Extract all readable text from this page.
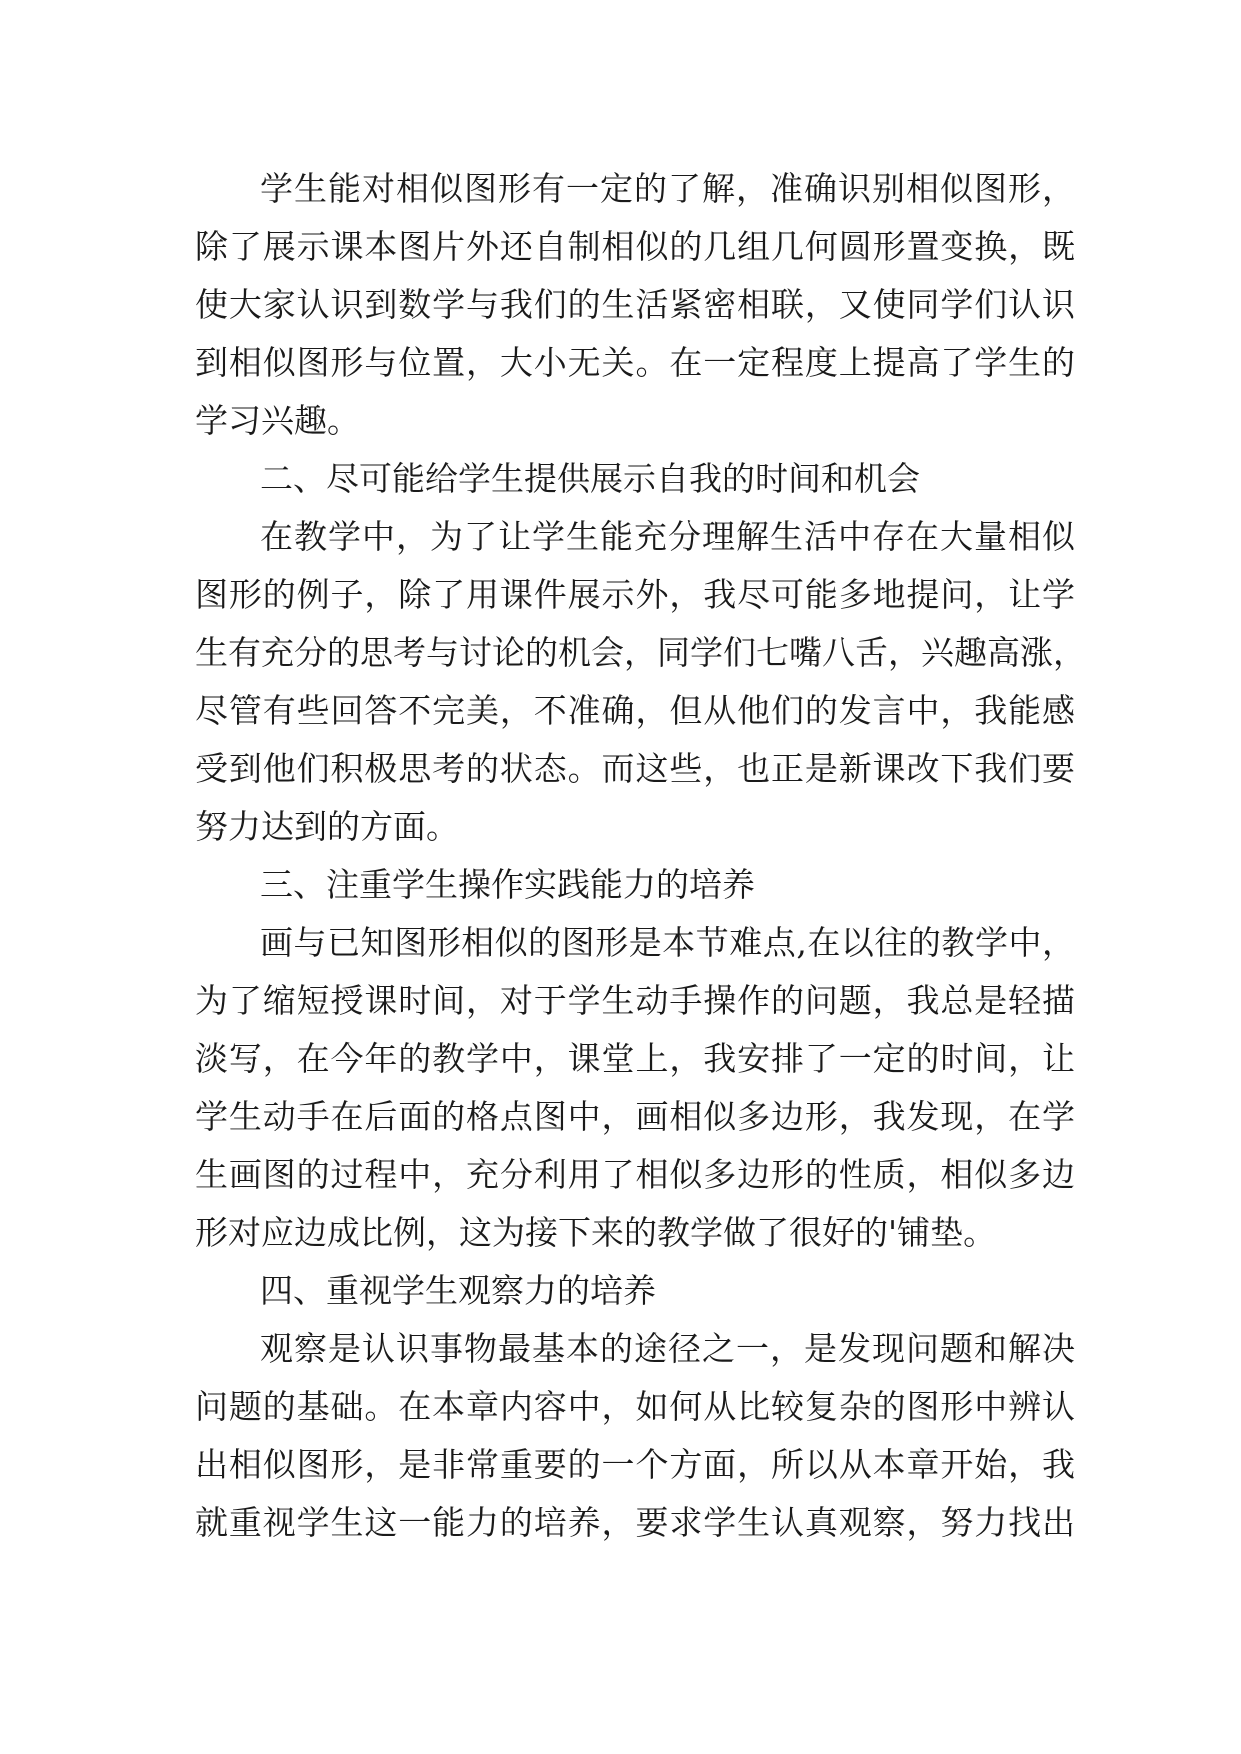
学生能对相似图形有一定的了解，准确识别相似图形，
除了展示课本图片外还自制相似的几组几何圆形置变换，既
使大家认识到数学与我们的生活紧密相联，又使同学们认识
到相似图形与位置，大小无关。在一定程度上提高了学生的
学习兴趣。
二、尽可能给学生提供展示自我的时间和机会
在教学中，为了让学生能充分理解生活中存在大量相似
图形的例子，除了用课件展示外，我尽可能多地提问，让学
生有充分的思考与讨论的机会，同学们七嘴八舌，兴趣高涨，
尽管有些回答不完美，不准确，但从他们的发言中，我能感
受到他们积极思考的状态。而这些，也正是新课改下我们要
努力达到的方面。
三、注重学生操作实践能力的培养
画与已知图形相似的图形是本节难点,在以往的教学中，
为了缩短授课时间，对于学生动手操作的问题，我总是轻描
淡写，在今年的教学中，课堂上，我安排了一定的时间，让
学生动手在后面的格点图中，画相似多边形，我发现，在学
生画图的过程中，充分利用了相似多边形的性质，相似多边
形对应边成比例，这为接下来的教学做了很好的'铺垫。
四、重视学生观察力的培养
观察是认识事物最基本的途径之一，是发现问题和解决
问题的基础。在本章内容中，如何从比较复杂的图形中辨认
出相似图形，是非常重要的一个方面，所以从本章开始，我
就重视学生这一能力的培养，要求学生认真观察，努力找出
